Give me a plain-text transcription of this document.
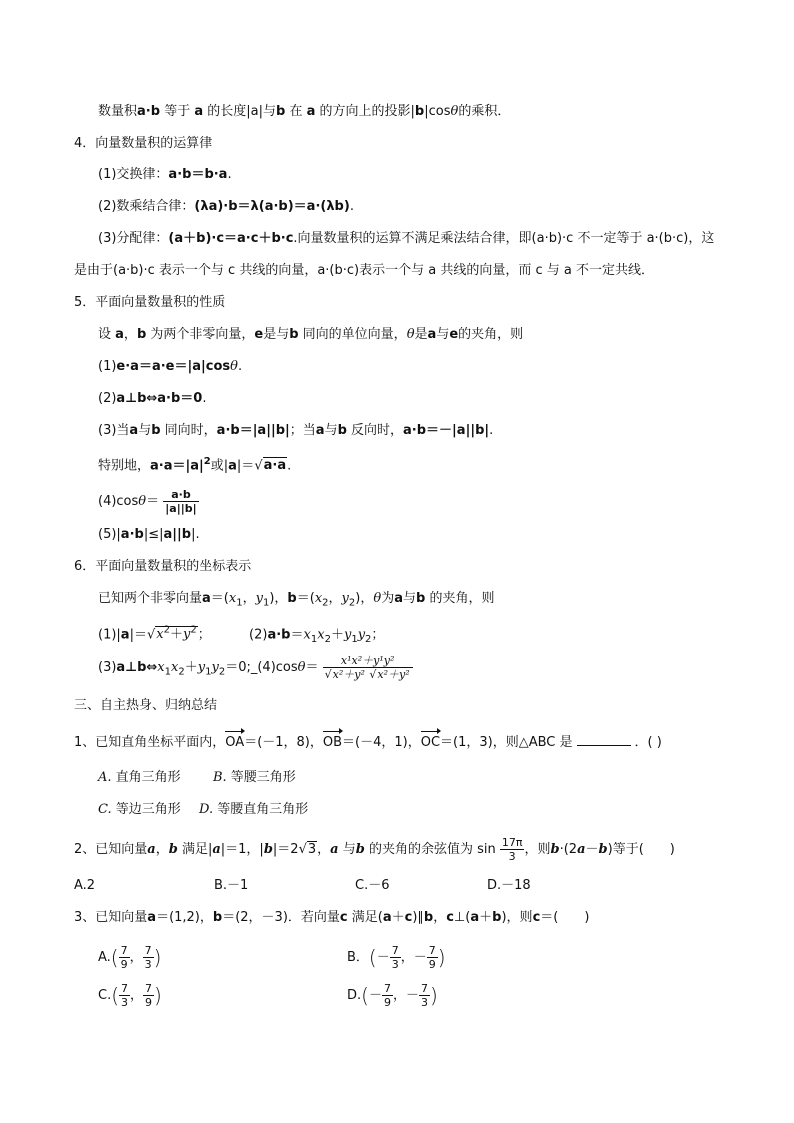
数量积a·b 等于 a 的长度|a|与b 在 a 的方向上的投影|b|cosθ的乘积．
4．向量数量积的运算律
(1)交换律：a·b＝b·a.
(2)数乘结合律：(λa)·b＝λ(a·b)＝a·(λb).
(3)分配律：(a＋b)·c＝a·c＋b·c.向量数量积的运算不满足乘法结合律，即(a·b)·c 不一定等于 a·(b·c)，这
是由于(a·b)·c 表示一个与 c 共线的向量，a·(b·c)表示一个与 a 共线的向量，而 c 与 a 不一定共线．
5．平面向量数量积的性质
设 a，b 为两个非零向量，e是与b 同向的单位向量，θ是a与e的夹角，则
(1)e·a＝a·e＝|a|cosθ.
(2)a⊥b⇔a·b＝0.
(3)当a与b 同向时，a·b＝|a||b|；当a与b 反向时，a·b＝－|a||b|.
特别地，$a\cdot a=|a|^2$或|a|＝√a·a.
$(4)\cos\theta= \frac{a\cdot b}{|a||b|}$
(5)|a·b|≤|a||b|.
6．平面向量数量积的坐标表示
已知两个非零向量$a=(x_1$，$y_1$)，$b=(x_2$，$y_2$)，θ为a与b 的夹角，则
$(1)|a|=√x^2+y^2$；	$(2)a\cdot b=x_1x_2+y_1y_2$；
$(3)a\perp b\Leftrightarrow x_1x_2+y_1y_2=0;\_(4)\cos\theta= \frac{\text{x¹x²＋y¹y²}}{\text{√x²＋y² √x²＋y²}}$
三、自主热身、归纳总结
1、已知直角坐标平面内，OA＝(－1，8)，OB＝(－4，1)，OC＝(1，3)，则△ABC 是	．( )
A. 直角三角形 B. 等腰三角形
C. 等边三角形 D. 等腰直角三角形
2、已知向量a，b 满足|a|＝1，|b|＝2√3，a 与b 的夹角的余弦值为 $\sin \frac{17\pi}{3}$ ，则b·(2a－b)等于(　　)
A.2	B.－1	C.－6	D.－18
3、已知向量a＝(1,2)，b＝(2，－3)．若向量c 满足(a＋c)∥b，c⊥(a＋b)，则c＝(　　)
$A.( \frac{7}{9}$ ， $\frac{7}{3}$ )	B．(－ $\frac{7}{3}$ ，－ $\frac{7}{9}$ )
$C.( \frac{7}{3}$ ， $\frac{7}{9}$ )	$D.(- \frac{7}{9}$ ，－ $\frac{7}{3}$ )
